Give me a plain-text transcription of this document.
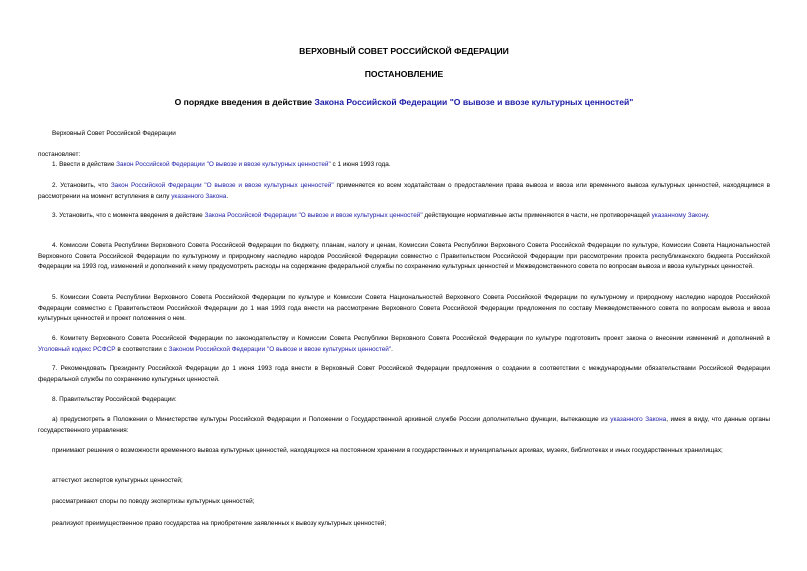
ВЕРХОВНЫЙ СОВЕТ РОССИЙСКОЙ ФЕДЕРАЦИИ
ПОСТАНОВЛЕНИЕ
О порядке введения в действие Закона Российской Федерации "О вывозе и ввозе культурных ценностей"
Верховный Совет Российской Федерации
постановляет:
1. Ввести в действие Закон Российской Федерации "О вывозе и ввозе культурных ценностей" с 1 июня 1993 года.
2. Установить, что Закон Российской Федерации "О вывозе и ввозе культурных ценностей" применяется ко всем ходатайствам о предоставлении права вывоза и ввоза или временного вывоза культурных ценностей, находящимся в рассмотрении на момент вступления в силу указанного Закона.
3. Установить, что с момента введения в действие Закона Российской Федерации "О вывозе и ввозе культурных ценностей" действующие нормативные акты применяются в части, не противоречащей указанному Закону.
4. Комиссии Совета Республики Верховного Совета Российской Федерации по бюджету, планам, налогу и ценам, Комиссии Совета Республики Верховного Совета Российской Федерации по культуре, Комиссии Совета Национальностей Верховного Совета Российской Федерации по культурному и природному наследию народов Российской Федерации совместно с Правительством Российской Федерации при рассмотрении проекта республиканского бюджета Российской Федерации на 1993 год, изменений и дополнений к нему предусмотреть расходы на содержание федеральной службы по сохранению культурных ценностей и Межведомственного совета по вопросам вывоза и ввоза культурных ценностей.
5. Комиссии Совета Республики Верховного Совета Российской Федерации по культуре и Комиссии Совета Национальностей Верховного Совета Российской Федерации по культурному и природному наследию народов Российской Федерации совместно с Правительством Российской Федерации до 1 мая 1993 года внести на рассмотрение Верховного Совета Российской Федерации предложения по составу Межведомственного совета по вопросам вывоза и ввоза культурных ценностей и проект положения о нем.
6. Комитету Верховного Совета Российской Федерации по законодательству и Комиссии Совета Республики Верховного Совета Российской Федерации по культуре подготовить проект закона о внесении изменений и дополнений в Уголовный кодекс РСФСР в соответствии с Законом Российской Федерации "О вывозе и ввозе культурных ценностей".
7. Рекомендовать Президенту Российской Федерации до 1 июня 1993 года внести в Верховный Совет Российской Федерации предложения о создании в соответствии с международными обязательствами Российской Федерации федеральной службы по сохранению культурных ценностей.
8. Правительству Российской Федерации:
а) предусмотреть в Положении о Министерстве культуры Российской Федерации и Положении о Государственной архивной службе России дополнительно функции, вытекающие из указанного Закона, имея в виду, что данные органы государственного управления:
принимают решения о возможности временного вывоза культурных ценностей, находящихся на постоянном хранении в государственных и муниципальных архивах, музеях, библиотеках и иных государственных хранилищах;
аттестуют экспертов культурных ценностей;
рассматривают споры по поводу экспертизы культурных ценностей;
реализуют преимущественное право государства на приобретение заявленных к вывозу культурных ценностей;
